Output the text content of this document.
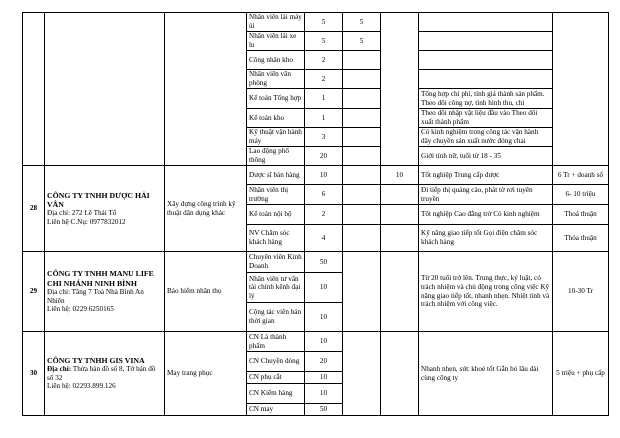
			Nhân viên lái máy ủi	5	5			
			Nhân viên lái xe lu	5	5			
			Công nhân kho	2				
			Nhân viên văn phòng	2				
			Kế toán Tổng hợp	1			Tổng hợp chi phí, tính giá thành sản phẩm. Theo dõi công nợ, tình hình thu, chi	
			Kế toán kho	1			Theo dõi nhập vật liệu đầu vào Theo dõi xuất thành phẩm	
			Kỹ thuật vận hành máy	3			Có kinh nghiệm trong công tác vận hành dây chuyền sản xuất nước đóng chai	
			Lao động phổ thông	20			Giới tính nữ, tuổi từ 18 - 35	
28	CÔNG TY TNHH DƯỢC HẢI VÂN
Địa chỉ: 272 Lê Thái Tổ
Liên hệ C.Nụ: 0977832012	Xây dựng công trình kỹ thuật dân dụng khác	Dược sĩ bán hàng	10		10	Tốt nghiệp Trung cấp dược	6 Tr + doanh số
			Nhân viên thị trường	6			Đi tiếp thị quảng cáo, phát tờ rơi tuyên truyền	6- 10 triệu
			Kế toán nội bộ	2			Tốt nghiệp Cao đẳng trở Có kinh nghiệm	Thoả thuận
			NV Chăm sóc khách hàng	4			Kỹ năng giao tiếp tốt Gọi điện chăm sóc khách hàng	Thỏa thuận
29	CÔNG TY TNHH MANU LIFE CHI NHÁNH NINH BÌNH
Địa chỉ: Tầng 7 Toà Nhà Bình An Nhiên
Liên hệ: 0229 6250165	Bảo hiểm nhân thọ	Chuyên viên Kinh Doanh	50			Từ 20 tuổi trở lên. Trung thực, kỷ luật, có trách nhiệm và chủ động trong công việc Kỹ năng giao tiếp tốt, nhanh nhẹn. Nhiệt tình và trách nhiệm với công việc.	10-30 Tr
			Nhân viên tư vấn tài chính kênh đại lý	10				
			Cộng tác viên bán thời gian	10				
30	CÔNG TY TNHH GIS VINA
Địa chỉ: Thửa bản đồ số 8, Tờ bản đồ số 32
Liên hệ: 02293.899.126	May trang phục	CN Là thành phẩm	10			Nhanh nhẹn, sức khoẻ tốt Gắn bó lâu dài cùng công ty	5 triệu + phụ cấp
			CN Chuyền dóng	20				
			CN phụ cắt	10				
			CN Kiểm hàng	10				
			CN may	50				
